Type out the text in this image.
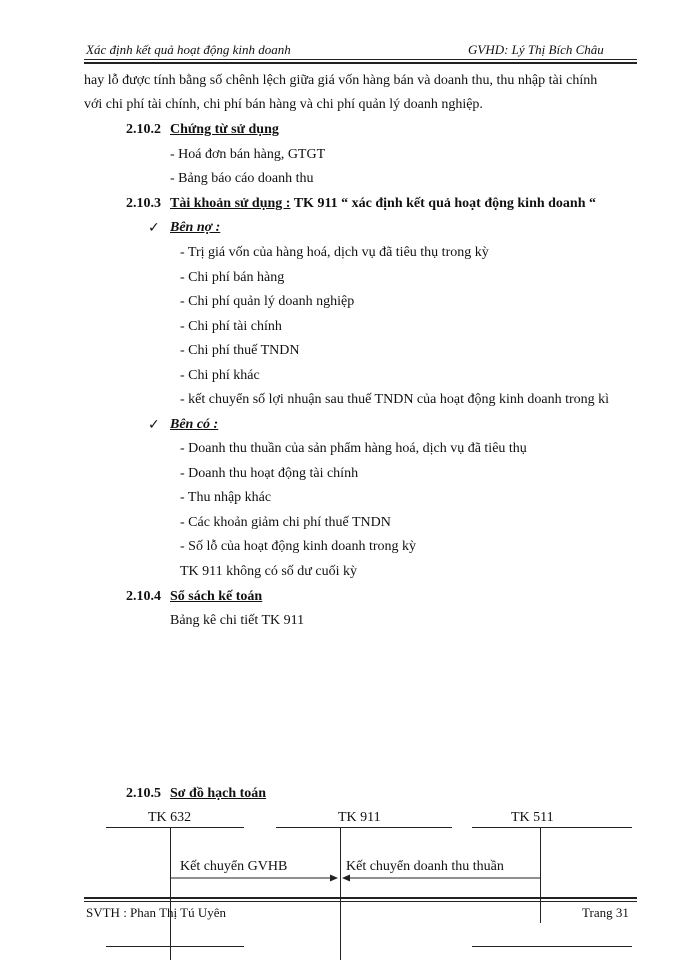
Xác định kết quả hoạt động kinh doanh	GVHD: Lý Thị Bích Châu
hay lỗ được tính bằng số chênh lệch giữa giá vốn hàng bán và doanh thu, thu nhập tài chính
với chi phí tài chính, chi phí bán hàng và chi phí quản lý doanh nghiệp.
2.10.2 Chứng từ sử dụng
- Hoá đơn bán hàng, GTGT
- Bảng báo cáo doanh thu
2.10.3 Tài khoản sử dụng : TK 911 “ xác định kết quả hoạt động kinh doanh “
✓ Bên nợ :
- Trị giá vốn của hàng hoá, dịch vụ đã tiêu thụ trong kỳ
- Chi phí bán hàng
- Chi phí quản lý doanh nghiệp
- Chi phí tài chính
- Chi phí thuế TNDN
- Chi phí khác
- kết chuyển số lợi nhuận sau thuế TNDN của hoạt động kinh doanh trong kì
✓ Bên có :
- Doanh thu thuần của sản phẩm hàng hoá, dịch vụ đã tiêu thụ
- Doanh thu hoạt động tài chính
- Thu nhập khác
- Các khoản giảm chi phí thuế TNDN
- Số lỗ của hoạt động kinh doanh trong kỳ
TK 911 không có số dư cuối kỳ
2.10.4 Sổ sách kế toán
Bảng kê chi tiết TK 911
2.10.5 Sơ đồ hạch toán
TK 632	TK 911	TK 511
Kết chuyển GVHB	Kết chuyển doanh thu thuần
SVTH : Phan Thị Tú Uyên	Trang 31
